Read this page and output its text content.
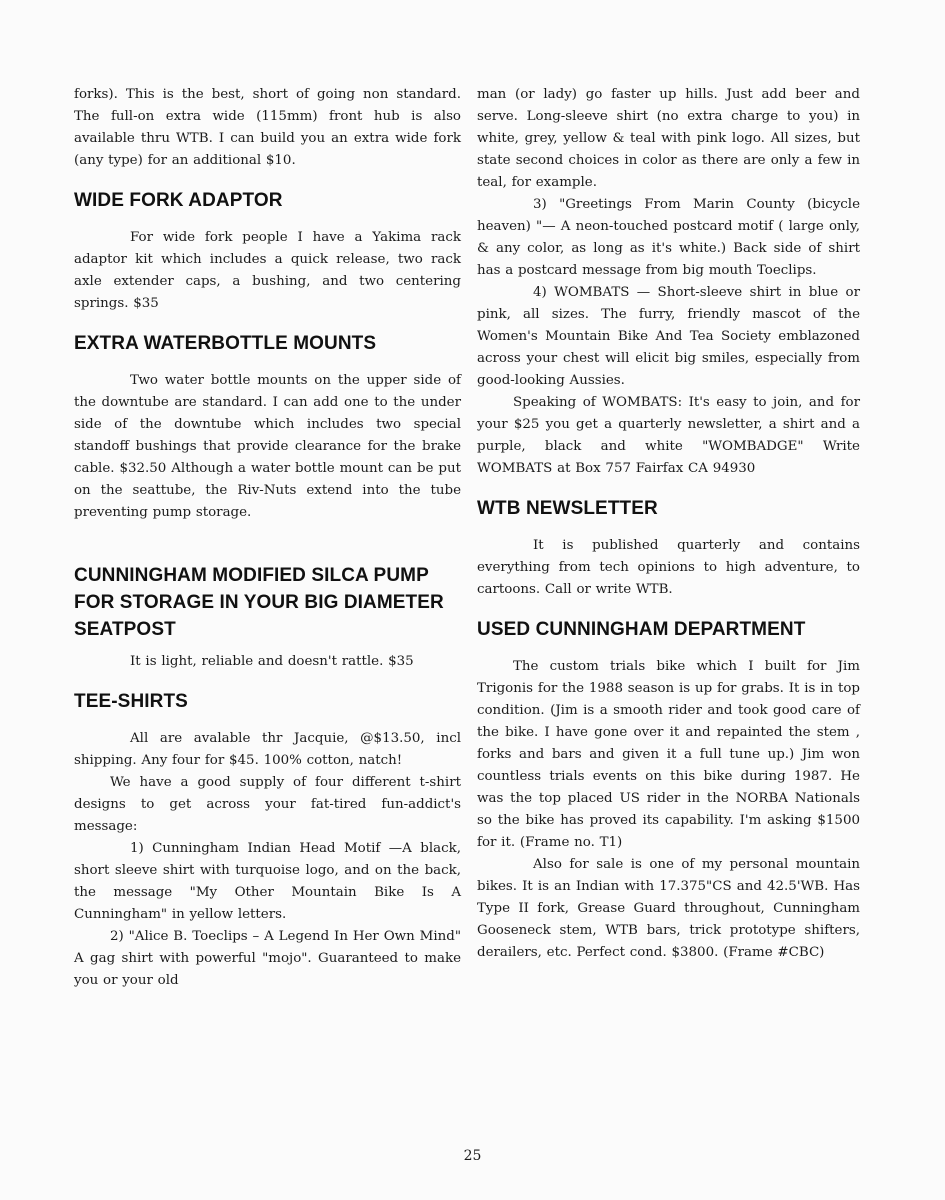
forks). This is the best, short of going non standard. The full-on extra wide (115mm) front hub is also available thru WTB. I can build you an extra wide fork (any type) for an additional $10.

WIDE FORK ADAPTOR

For wide fork people I have a Yakima rack adaptor kit which includes a quick release, two rack axle extender caps, a bushing, and two centering springs. $35

EXTRA WATERBOTTLE MOUNTS

Two water bottle mounts on the upper side of the downtube are standard. I can add one to the under side of the downtube which includes two special standoff bushings that provide clearance for the brake cable. $32.50 Although a water bottle mount can be put on the seattube, the Riv-Nuts extend into the tube preventing pump storage.

CUNNINGHAM MODIFIED SILCA PUMP FOR STORAGE IN YOUR BIG DIAMETER SEATPOST

It is light, reliable and doesn't rattle. $35

TEE-SHIRTS

All are avalable thr Jacquie, @$13.50, incl shipping. Any four for $45. 100% cotton, natch!

We have a good supply of four different t-shirt designs to get across your fat-tired fun-addict's message:

1) Cunningham Indian Head Motif —A black, short sleeve shirt with turquoise logo, and on the back, the message "My Other Mountain Bike Is A Cunningham" in yellow letters.

2) "Alice B. Toeclips – A Legend In Her Own Mind" A gag shirt with powerful "mojo". Guaranteed to make you or your old

man (or lady) go faster up hills. Just add beer and serve. Long-sleeve shirt (no extra charge to you) in white, grey, yellow & teal with pink logo. All sizes, but state second choices in color as there are only a few in teal, for example.

3) "Greetings From Marin County (bicycle heaven) "— A neon-touched postcard motif ( large only, & any color, as long as it's white.) Back side of shirt has a postcard message from big mouth Toeclips.

4) WOMBATS — Short-sleeve shirt in blue or pink, all sizes. The furry, friendly mascot of the Women's Mountain Bike And Tea Society emblazoned across your chest will elicit big smiles, especially from good-looking Aussies.

Speaking of WOMBATS: It's easy to join, and for your $25 you get a quarterly newsletter, a shirt and a purple, black and white "WOMBADGE" Write WOMBATS at Box 757 Fairfax CA 94930

WTB NEWSLETTER

It is published quarterly and contains everything from tech opinions to high adventure, to cartoons. Call or write WTB.

USED CUNNINGHAM DEPARTMENT

The custom trials bike which I built for Jim Trigonis for the 1988 season is up for grabs. It is in top condition. (Jim is a smooth rider and took good care of the bike. I have gone over it and repainted the stem , forks and bars and given it a full tune up.) Jim won countless trials events on this bike during 1987. He was the top placed US rider in the NORBA Nationals so the bike has proved its capability. I'm asking $1500 for it. (Frame no. T1)

Also for sale is one of my personal mountain bikes. It is an Indian with 17.375"CS and 42.5'WB. Has Type II fork, Grease Guard throughout, Cunningham Gooseneck stem, WTB bars, trick prototype shifters, derailers, etc. Perfect cond. $3800. (Frame #CBC)

25
